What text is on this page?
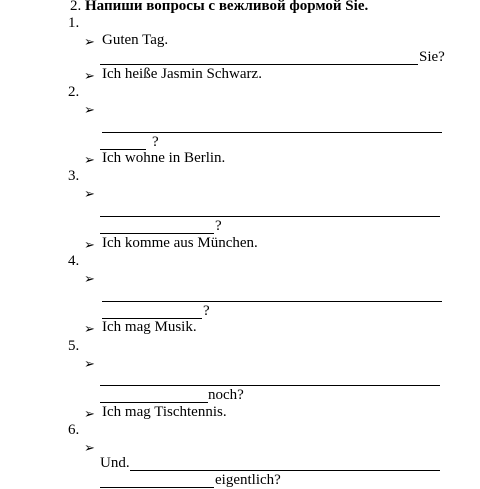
2. Напиши вопросы с вежливой формой Sie.
1.
➢ Guten Tag.
Sie?
➢ Ich heiße Jasmin Schwarz.
2.
➢
?
➢ Ich wohne in Berlin.
3.
➢
?
➢ Ich komme aus München.
4.
➢
?
➢ Ich mag Musik.
5.
➢
noch?
➢ Ich mag Tischtennis.
6.
➢
Und.
eigentlich?
